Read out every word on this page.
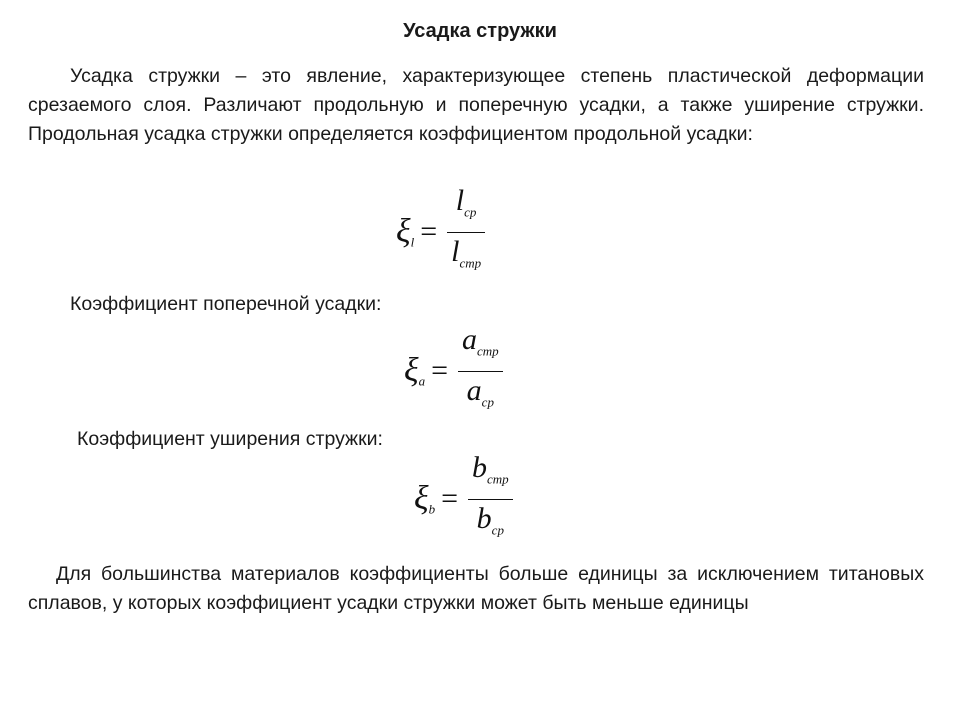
Усадка стружки
Усадка стружки – это явление, характеризующее степень пластической деформации срезаемого слоя. Различают продольную и поперечную усадки, а также уширение стружки. Продольная усадка стружки определяется коэффициентом продольной усадки:
$\xi_l = \frac{l_{ср}}{l_{стр}}$
Коэффициент поперечной усадки:
$\xi_a = \frac{a_{стр}}{a_{ср}}$
Коэффициент уширения стружки:
$\xi_b = \frac{b_{стр}}{b_{ср}}$
Для большинства материалов коэффициенты больше единицы за исключением титановых сплавов, у которых коэффициент усадки стружки может быть меньше единицы
